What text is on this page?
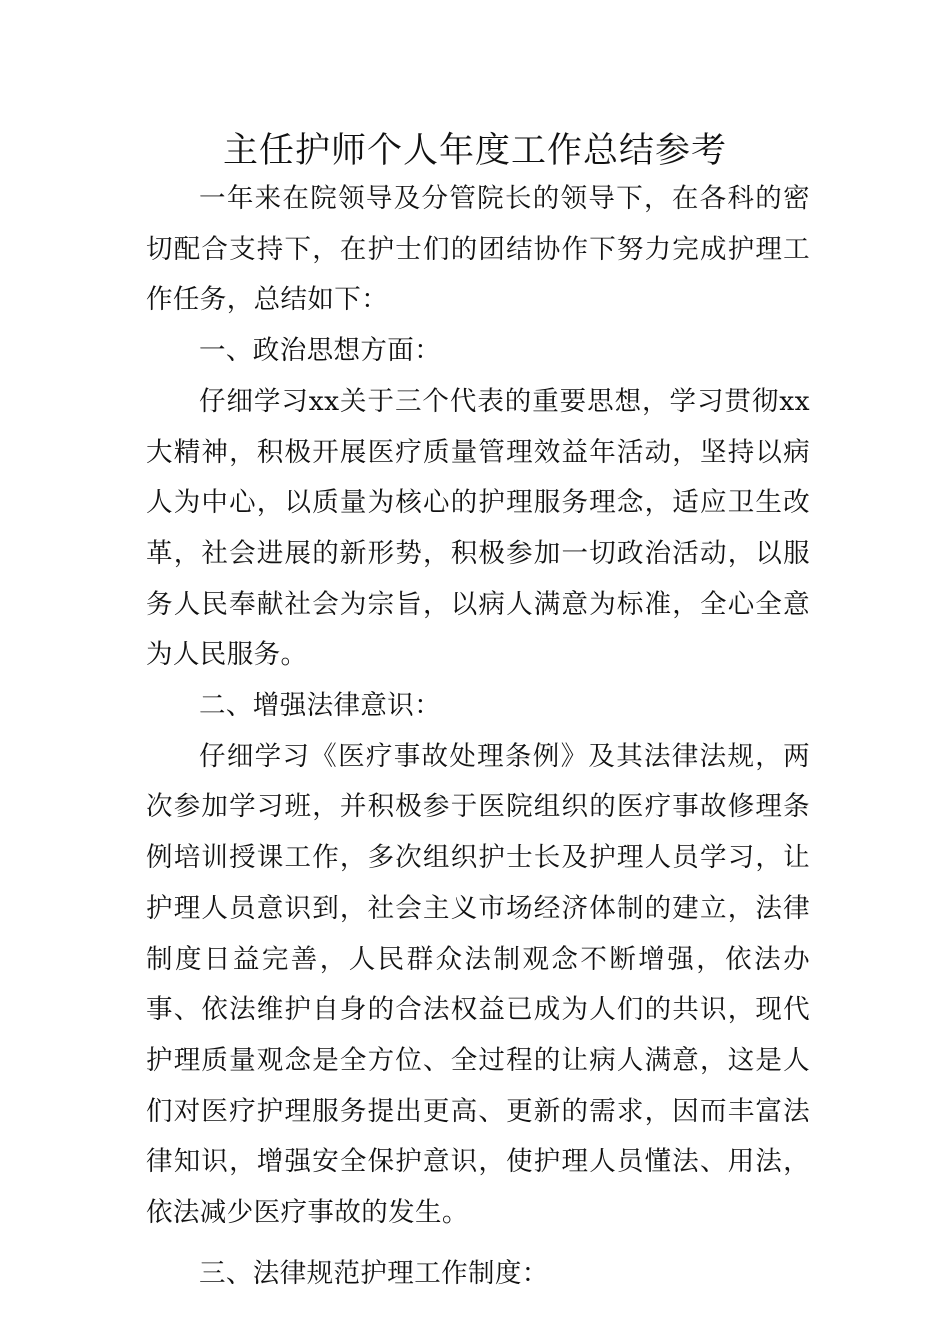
主任护师个人年度工作总结参考

一年来在院领导及分管院长的领导下，在各科的密切配合支持下，在护士们的团结协作下努力完成护理工作任务，总结如下：

一、政治思想方面：

仔细学习xx关于三个代表的重要思想，学习贯彻xx大精神，积极开展医疗质量管理效益年活动，坚持以病人为中心，以质量为核心的护理服务理念，适应卫生改革，社会进展的新形势，积极参加一切政治活动，以服务人民奉献社会为宗旨，以病人满意为标准，全心全意为人民服务。

二、增强法律意识：

仔细学习《医疗事故处理条例》及其法律法规，两次参加学习班，并积极参于医院组织的医疗事故修理条例培训授课工作，多次组织护士长及护理人员学习，让护理人员意识到，社会主义市场经济体制的建立，法律制度日益完善，人民群众法制观念不断增强，依法办事、依法维护自身的合法权益已成为人们的共识，现代护理质量观念是全方位、全过程的让病人满意，这是人们对医疗护理服务提出更高、更新的需求，因而丰富法律知识，增强安全保护意识，使护理人员懂法、用法，依法减少医疗事故的发生。

三、法律规范护理工作制度：
